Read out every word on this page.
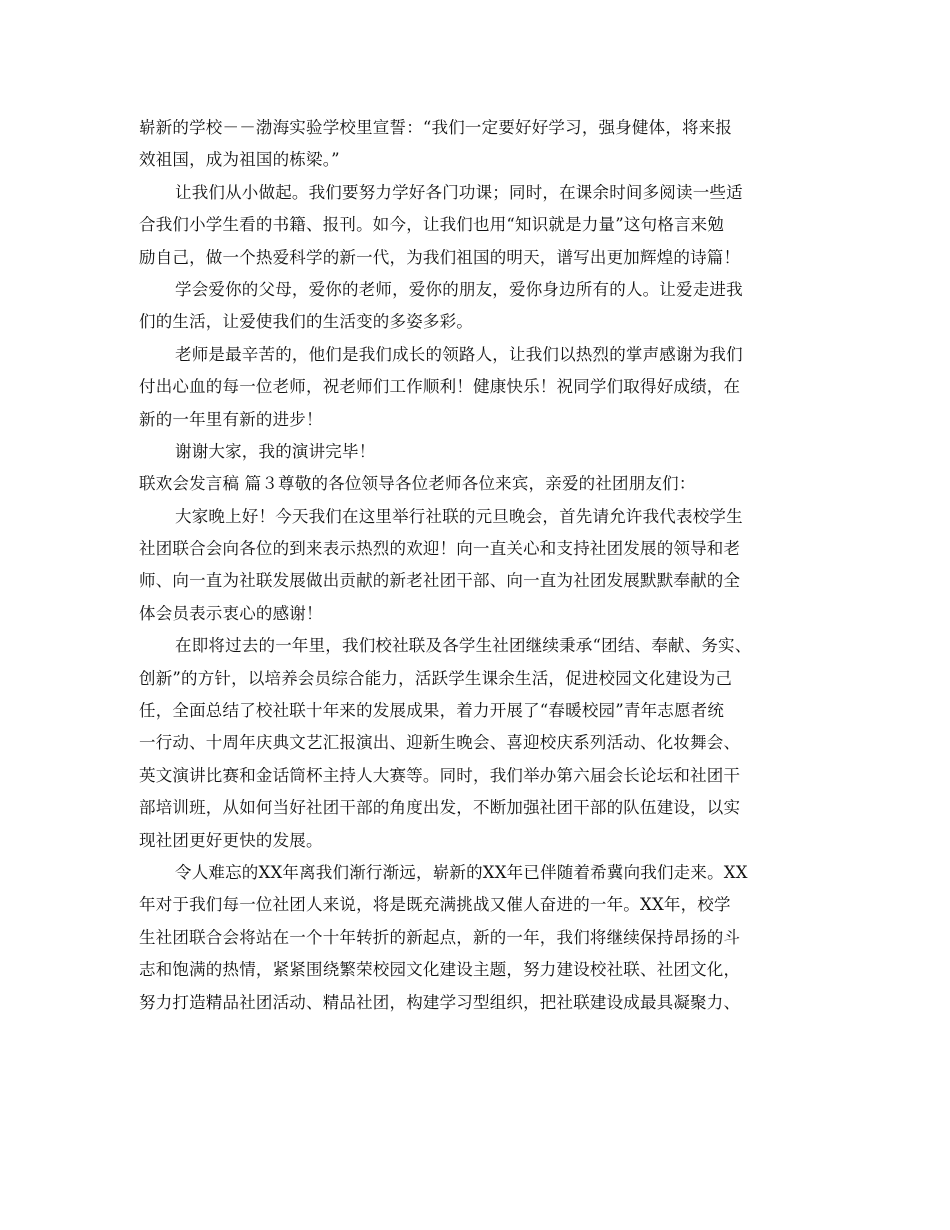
崭新的学校－－渤海实验学校里宣誓：“我们一定要好好学习，强身健体，将来报
效祖国，成为祖国的栋梁。”
让我们从小做起。我们要努力学好各门功课；同时，在课余时间多阅读一些适
合我们小学生看的书籍、报刊。如今，让我们也用“知识就是力量”这句格言来勉
励自己，做一个热爱科学的新一代，为我们祖国的明天，谱写出更加辉煌的诗篇！
学会爱你的父母，爱你的老师，爱你的朋友，爱你身边所有的人。让爱走进我
们的生活，让爱使我们的生活变的多姿多彩。
老师是最辛苦的，他们是我们成长的领路人，让我们以热烈的掌声感谢为我们
付出心血的每一位老师，祝老师们工作顺利！健康快乐！祝同学们取得好成绩，在
新的一年里有新的进步！
谢谢大家，我的演讲完毕！
联欢会发言稿 篇３尊敬的各位领导各位老师各位来宾，亲爱的社团朋友们：
大家晚上好！今天我们在这里举行社联的元旦晚会，首先请允许我代表校学生
社团联合会向各位的到来表示热烈的欢迎！向一直关心和支持社团发展的领导和老
师、向一直为社联发展做出贡献的新老社团干部、向一直为社团发展默默奉献的全
体会员表示衷心的感谢！
在即将过去的一年里，我们校社联及各学生社团继续秉承“团结、奉献、务实、
创新”的方针，以培养会员综合能力，活跃学生课余生活，促进校园文化建设为己
任，全面总结了校社联十年来的发展成果，着力开展了“春暖校园”青年志愿者统
一行动、十周年庆典文艺汇报演出、迎新生晚会、喜迎校庆系列活动、化妆舞会、
英文演讲比赛和金话筒杯主持人大赛等。同时，我们举办第六届会长论坛和社团干
部培训班，从如何当好社团干部的角度出发，不断加强社团干部的队伍建设，以实
现社团更好更快的发展。
令人难忘的XX年离我们渐行渐远，崭新的XX年已伴随着希冀向我们走来。XX
年对于我们每一位社团人来说，将是既充满挑战又催人奋进的一年。XX年，校学
生社团联合会将站在一个十年转折的新起点，新的一年，我们将继续保持昂扬的斗
志和饱满的热情，紧紧围绕繁荣校园文化建设主题，努力建设校社联、社团文化，
努力打造精品社团活动、精品社团，构建学习型组织，把社联建设成最具凝聚力、
